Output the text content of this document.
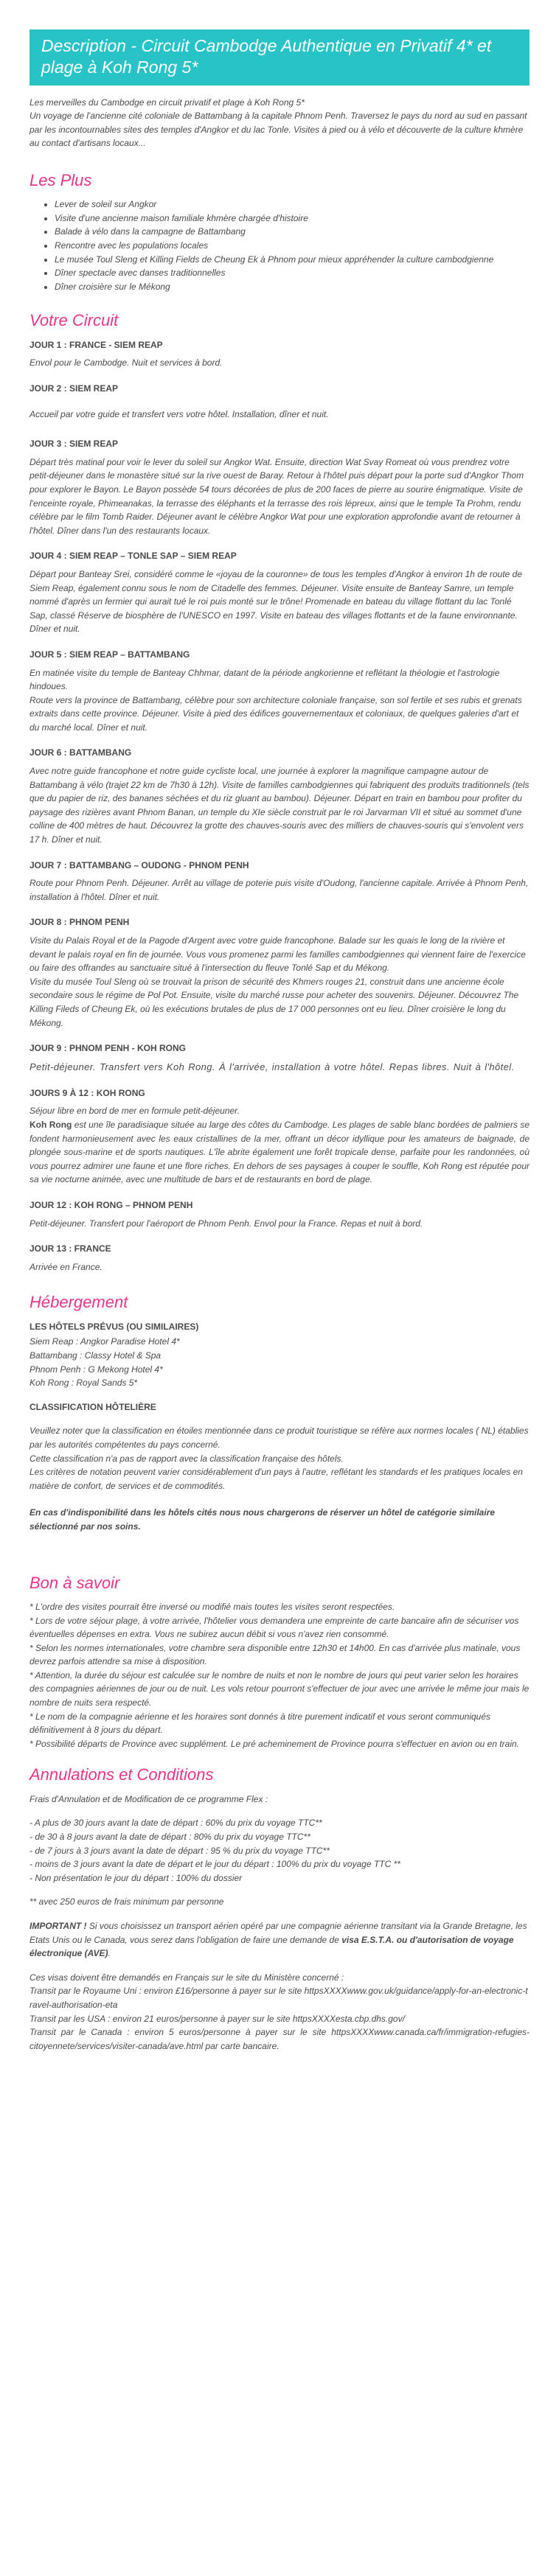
Description - Circuit Cambodge Authentique en Privatif 4* et plage à Koh Rong 5*

Les merveilles du Cambodge en circuit privatif et plage à Koh Rong 5*

Un voyage de l'ancienne cité coloniale de Battambang à la capitale Phnom Penh. Traversez le pays du nord au sud en passant par les incontournables sites des temples d'Angkor et du lac Tonle. Visites à pied ou à vélo et découverte de la culture khmère au contact d'artisans locaux...

Les Plus
• Lever de soleil sur Angkor
• Visite d'une ancienne maison familiale khmère chargée d'histoire
• Balade à vélo dans la campagne de Battambang
• Rencontre avec les populations locales
• Le musée Toul Sleng et Killing Fields de Cheung Ek à Phnom pour mieux appréhender la culture cambodgienne
• Dîner spectacle avec danses traditionnelles
• Dîner croisière sur le Mékong
Votre Circuit
JOUR 1 : FRANCE - SIEM REAP

Envol pour le Cambodge. Nuit et services à bord.

JOUR 2 : SIEM REAP

Accueil par votre guide et transfert vers votre hôtel. Installation, dîner et nuit.

JOUR 3 : SIEM REAP

Départ très matinal pour voir le lever du soleil sur Angkor Wat. Ensuite, direction Wat Svay Romeat où vous prendrez votre petit-déjeuner dans le monastère situé sur la rive ouest de Baray. Retour à l'hôtel puis départ pour la porte sud d'Angkor Thom pour explorer le Bayon. Le Bayon possède 54 tours décorées de plus de 200 faces de pierre au sourire énigmatique. Visite de l'enceinte royale, Phimeanakas, la terrasse des éléphants et la terrasse des rois lépreux, ainsi que le temple Ta Prohm, rendu célèbre par le film Tomb Raider. Déjeuner avant le célèbre Angkor Wat pour une exploration approfondie avant de retourner à l'hôtel. Dîner dans l'un des restaurants locaux.

JOUR 4 : SIEM REAP – TONLE SAP – SIEM REAP

Départ pour Banteay Srei, considéré comme le «joyau de la couronne» de tous les temples d'Angkor à environ 1h de route de Siem Reap, également connu sous le nom de Citadelle des femmes. Déjeuner. Visite ensuite de Banteay Samre, un temple nommé d'après un fermier qui aurait tué le roi puis monté sur le trône! Promenade en bateau du village flottant du lac Tonlé Sap, classé Réserve de biosphère de l'UNESCO en 1997. Visite en bateau des villages flottants et de la faune environnante. Dîner et nuit.

JOUR 5 : SIEM REAP – BATTAMBANG

En matinée visite du temple de Banteay Chhmar, datant de la période angkorienne et reflétant la théologie et l'astrologie hindoues.
Route vers la province de Battambang, célèbre pour son architecture coloniale française, son sol fertile et ses rubis et grenats extraits dans cette province. Déjeuner. Visite à pied des édifices gouvernementaux et coloniaux, de quelques galeries d'art et du marché local. Dîner et nuit.

JOUR 6 : BATTAMBANG

Avec notre guide francophone et notre guide cycliste local, une journée à explorer la magnifique campagne autour de Battambang à vélo (trajet 22 km de 7h30 à 12h). Visite de familles cambodgiennes qui fabriquent des produits traditionnels (tels que du papier de riz, des bananes séchées et du riz gluant au bambou). Déjeuner. Départ en train en bambou pour profiter du paysage des rizières avant Phnom Banan, un temple du XIe siècle construit par le roi Jarvarman VII et situé au sommet d'une colline de 400 mètres de haut. Découvrez la grotte des chauves-souris avec des milliers de chauves-souris qui s'envolent vers 17 h. Dîner et nuit.

JOUR 7 : BATTAMBANG – OUDONG - PHNOM PENH

Route pour Phnom Penh. Déjeuner. Arrêt au village de poterie puis visite d'Oudong, l'ancienne capitale. Arrivée à Phnom Penh, installation à l'hôtel. Dîner et nuit.

JOUR 8 : PHNOM PENH

Visite du Palais Royal et de la Pagode d'Argent avec votre guide francophone. Balade sur les quais le long de la rivière et devant le palais royal en fin de journée. Vous vous promenez parmi les familles cambodgiennes qui viennent faire de l'exercice ou faire des offrandes au sanctuaire situé à l'intersection du fleuve Tonlé Sap et du Mékong.
Visite du musée Toul Sleng où se trouvait la prison de sécurité des Khmers rouges 21, construit dans une ancienne école secondaire sous le régime de Pol Pot. Ensuite, visite du marché russe pour acheter des souvenirs. Déjeuner. Découvrez The Killing Fileds of Cheung Ek, où les exécutions brutales de plus de 17 000 personnes ont eu lieu. Dîner croisière le long du Mékong.

JOUR 9 : PHNOM PENH - KOH RONG

Petit-déjeuner. Transfert vers Koh Rong. À l'arrivée, installation à votre hôtel. Repas libres. Nuit à l'hôtel.

JOURS 9 À 12 : KOH RONG

Séjour libre en bord de mer en formule petit-déjeuner.

Koh Rong est une île paradisiaque située au large des côtes du Cambodge. Les plages de sable blanc bordées de palmiers se fondent harmonieusement avec les eaux cristallines de la mer, offrant un décor idyllique pour les amateurs de baignade, de plongée sous-marine et de sports nautiques. L'île abrite également une forêt tropicale dense, parfaite pour les randonnées, où vous pourrez admirer une faune et une flore riches. En dehors de ses paysages à couper le souffle, Koh Rong est réputée pour sa vie nocturne animée, avec une multitude de bars et de restaurants en bord de plage.

JOUR 12 : KOH RONG – PHNOM PENH

Petit-déjeuner. Transfert pour l'aéroport de Phnom Penh. Envol pour la France. Repas et nuit à bord.

JOUR 13 : FRANCE

Arrivée en France.

Hébergement
LES HÔTELS PRÉVUS (OU SIMILAIRES)

Siem Reap : Angkor Paradise Hotel 4*

Battambang : Classy Hotel & Spa

Phnom Penh : G Mekong Hotel 4*

Koh Rong : Royal Sands 5*

CLASSIFICATION HÔTELIÈRE

Veuillez noter que la classification en étoiles mentionnée dans ce produit touristique se réfère aux normes locales ( NL) établies par les autorités compétentes du pays concerné.

Cette classification n'a pas de rapport avec la classification française des hôtels.

Les critères de notation peuvent varier considérablement d'un pays à l'autre, reflétant les standards et les pratiques locales en matière de confort, de services et de commodités.

En cas d'indisponibilité dans les hôtels cités nous nous chargerons de réserver un hôtel de catégorie similaire sélectionné par nos soins.

Bon à savoir

* L'ordre des visites pourrait être inversé ou modifié mais toutes les visites seront respectées.

* Lors de votre séjour plage, à votre arrivée, l'hôtelier vous demandera une empreinte de carte bancaire afin de sécuriser vos éventuelles dépenses en extra. Vous ne subirez aucun débit si vous n'avez rien consommé.

* Selon les normes internationales, votre chambre sera disponible entre 12h30 et 14h00. En cas d'arrivée plus matinale, vous devrez parfois attendre sa mise à disposition.

* Attention, la durée du séjour est calculée sur le nombre de nuits et non le nombre de jours qui peut varier selon les horaires des compagnies aériennes de jour ou de nuit. Les vols retour pourront s'effectuer de jour avec une arrivée le même jour mais le nombre de nuits sera respecté.

* Le nom de la compagnie aérienne et les horaires sont donnés à titre purement indicatif et vous seront communiqués définitivement à 8 jours du départ.

* Possibilité départs de Province avec supplément. Le pré acheminement de Province pourra s'effectuer en avion ou en train.

Annulations et Conditions

Frais d'Annulation et de Modification de ce programme Flex :

- A plus de 30 jours avant la date de départ : 60% du prix du voyage TTC**

- de 30 à 8 jours avant la date de départ : 80% du prix du voyage TTC**

- de 7 jours à 3 jours avant la date de départ : 95 % du prix du voyage TTC**

- moins de 3 jours avant la date de départ et le jour du départ : 100% du prix du voyage TTC **

- Non présentation le jour du départ : 100% du dossier

** avec 250 euros de frais minimum par personne

IMPORTANT ! Si vous choisissez un transport aérien opéré par une compagnie aérienne transitant via la Grande Bretagne, les Etats Unis ou le Canada, vous serez dans l'obligation de faire une demande de visa E.S.T.A. ou d'autorisation de voyage électronique (AVE).

Ces visas doivent être demandés en Français sur le site du Ministère concerné :

Transit par le Royaume Uni : environ £16/personne à payer sur le site httpsXXXXwww.gov.uk/guidance/apply-for-an-electronic-travel-authorisation-eta

Transit par les USA : environ 21 euros/personne à payer sur le site httpsXXXXesta.cbp.dhs.gov/

Transit par le Canada : environ 5 euros/personne à payer sur le site httpsXXXXwww.canada.ca/fr/immigration-refugies-citoyennete/services/visiter-canada/ave.html par carte bancaire.
